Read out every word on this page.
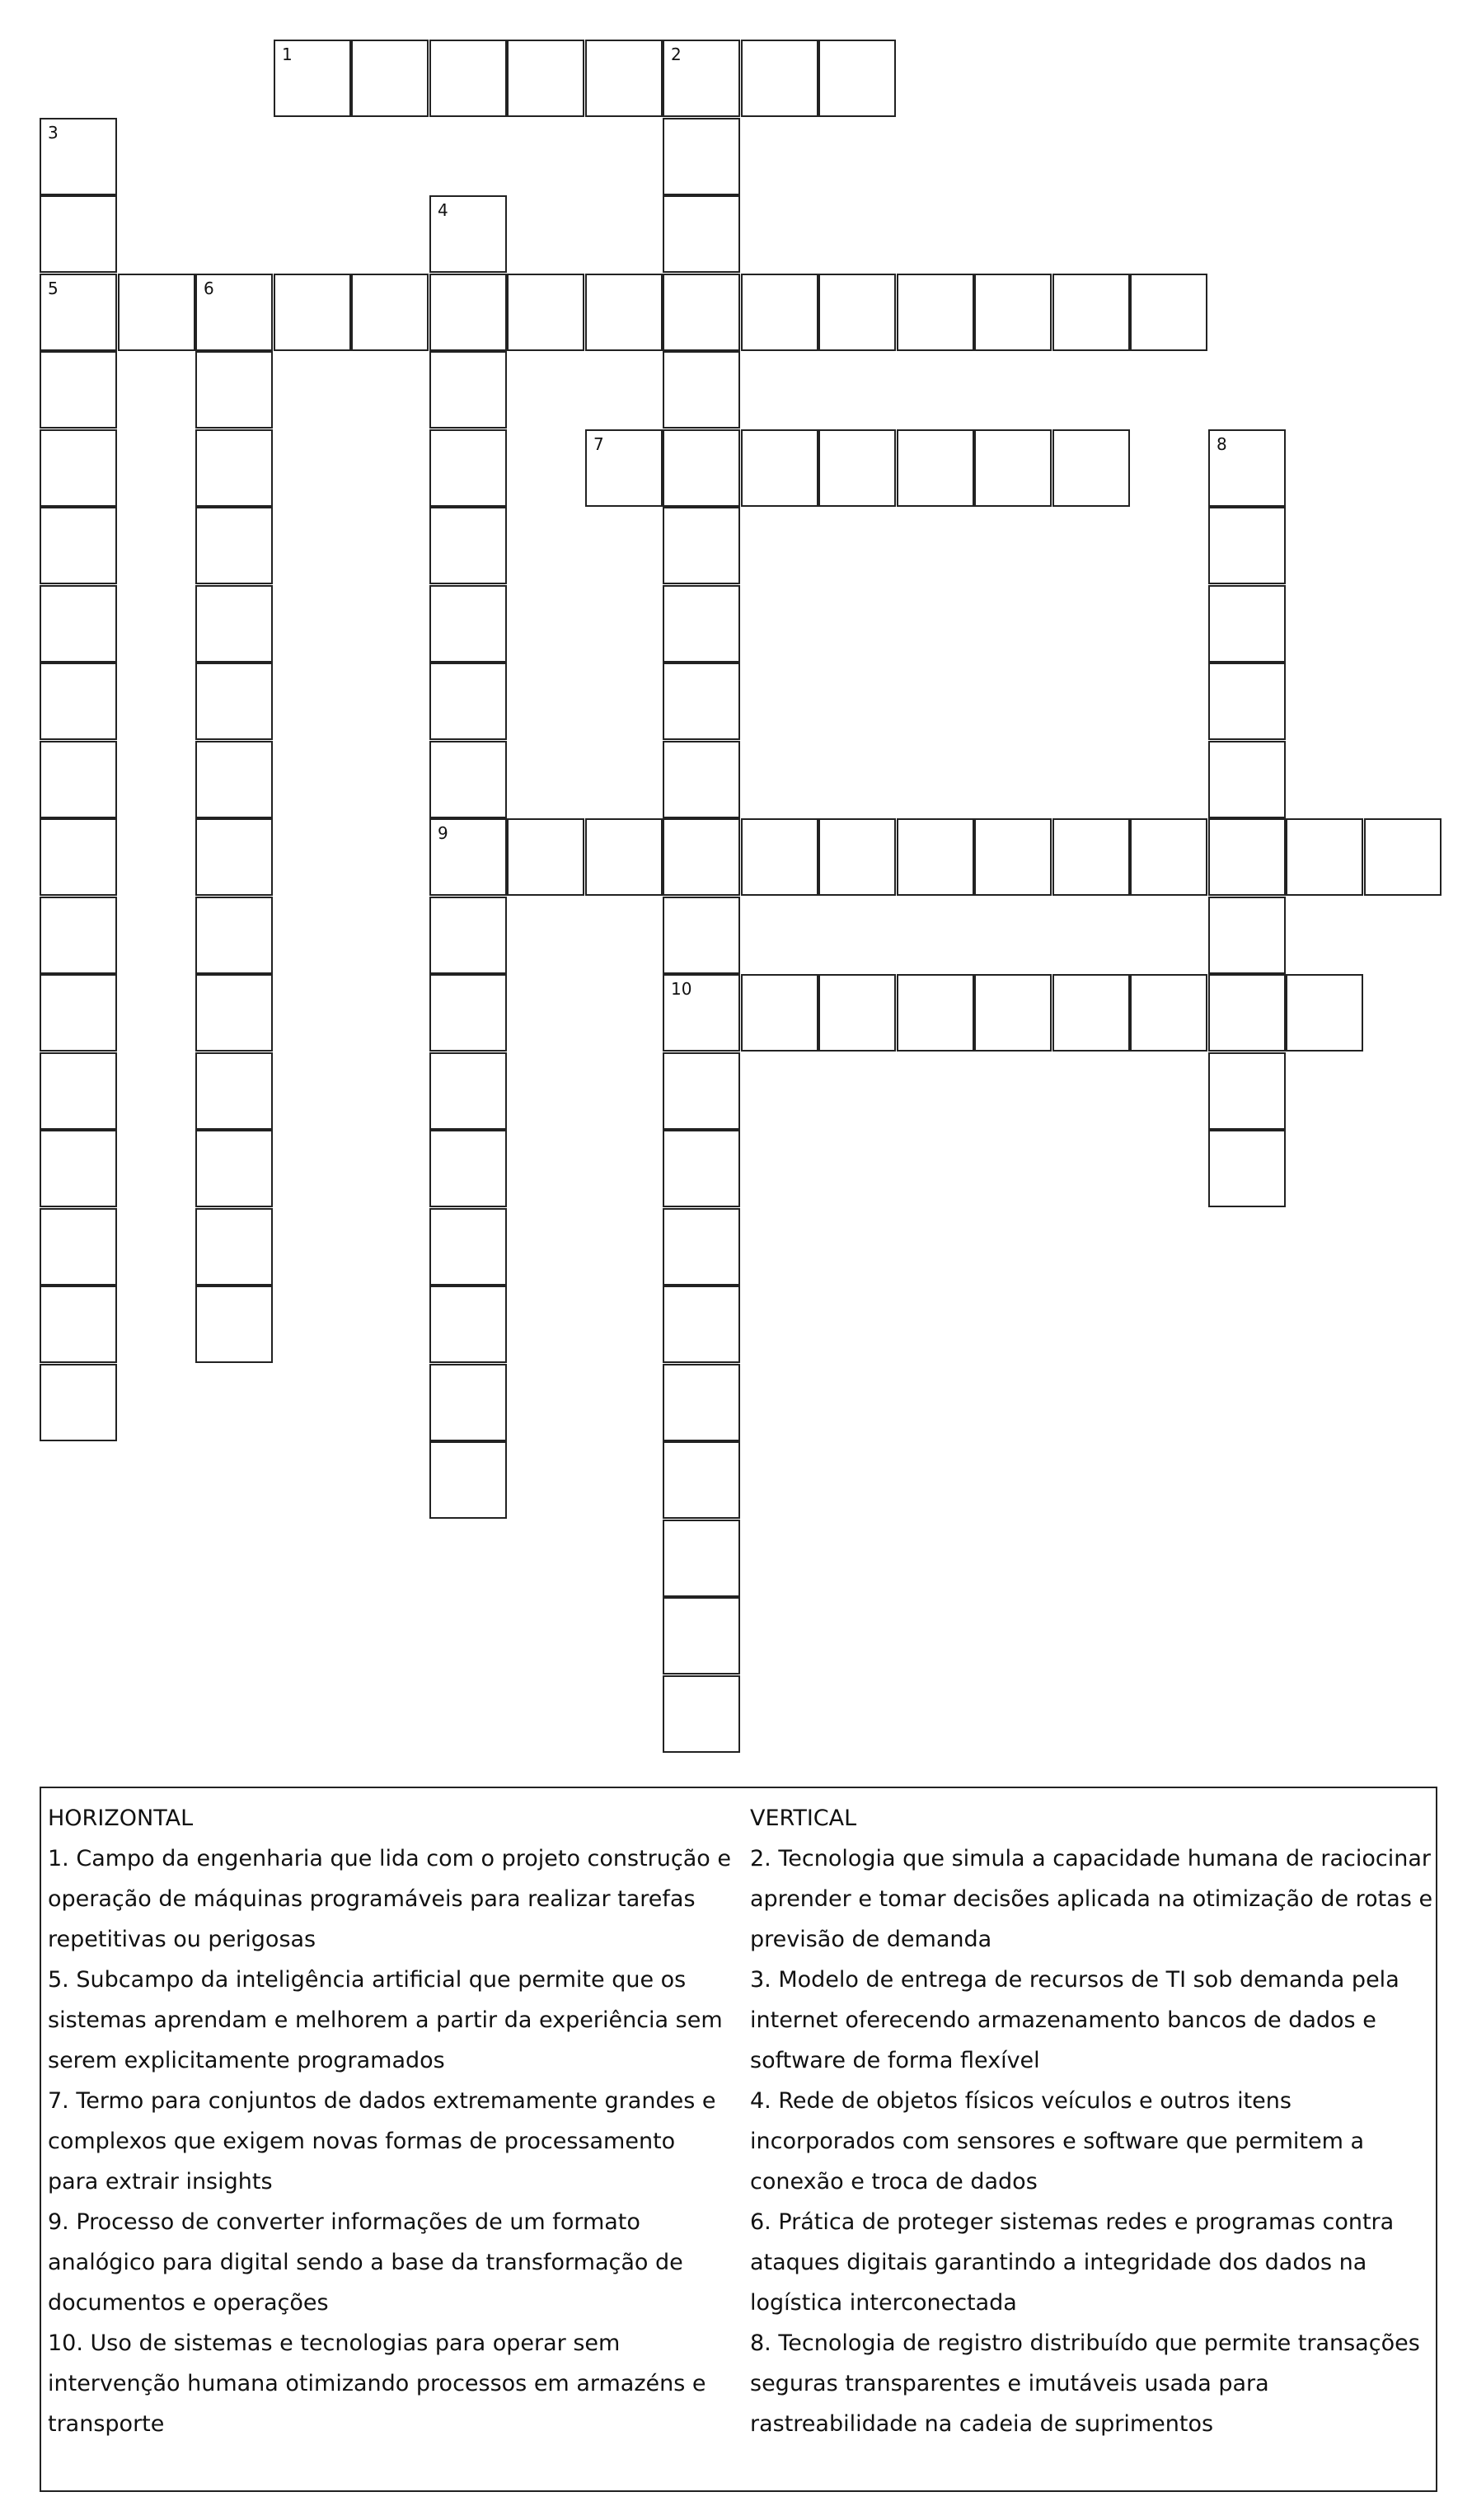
1	2
10
3
5
4
9
6
7	8
HORIZONTAL
1. Campo da engenharia que lida com o projeto construção e operação de máquinas programáveis para realizar tarefas repetitivas ou perigosas
5. Subcampo da inteligência artificial que permite que os sistemas aprendam e melhorem a partir da experiência sem serem explicitamente programados
7. Termo para conjuntos de dados extremamente grandes e complexos que exigem novas formas de processamento para extrair insights
9. Processo de converter informações de um formato analógico para digital sendo a base da transformação de documentos e operações
10. Uso de sistemas e tecnologias para operar sem intervenção humana otimizando processos em armazéns e transporte
VERTICAL
2. Tecnologia que simula a capacidade humana de raciocinar aprender e tomar decisões aplicada na otimização de rotas e previsão de demanda
3. Modelo de entrega de recursos de TI sob demanda pela internet oferecendo armazenamento bancos de dados e software de forma flexível
4. Rede de objetos físicos veículos e outros itens incorporados com sensores e software que permitem a conexão e troca de dados
6. Prática de proteger sistemas redes e programas contra ataques digitais garantindo a integridade dos dados na logística interconectada
8. Tecnologia de registro distribuído que permite transações seguras transparentes e imutáveis usada para rastreabilidade na cadeia de suprimentos
